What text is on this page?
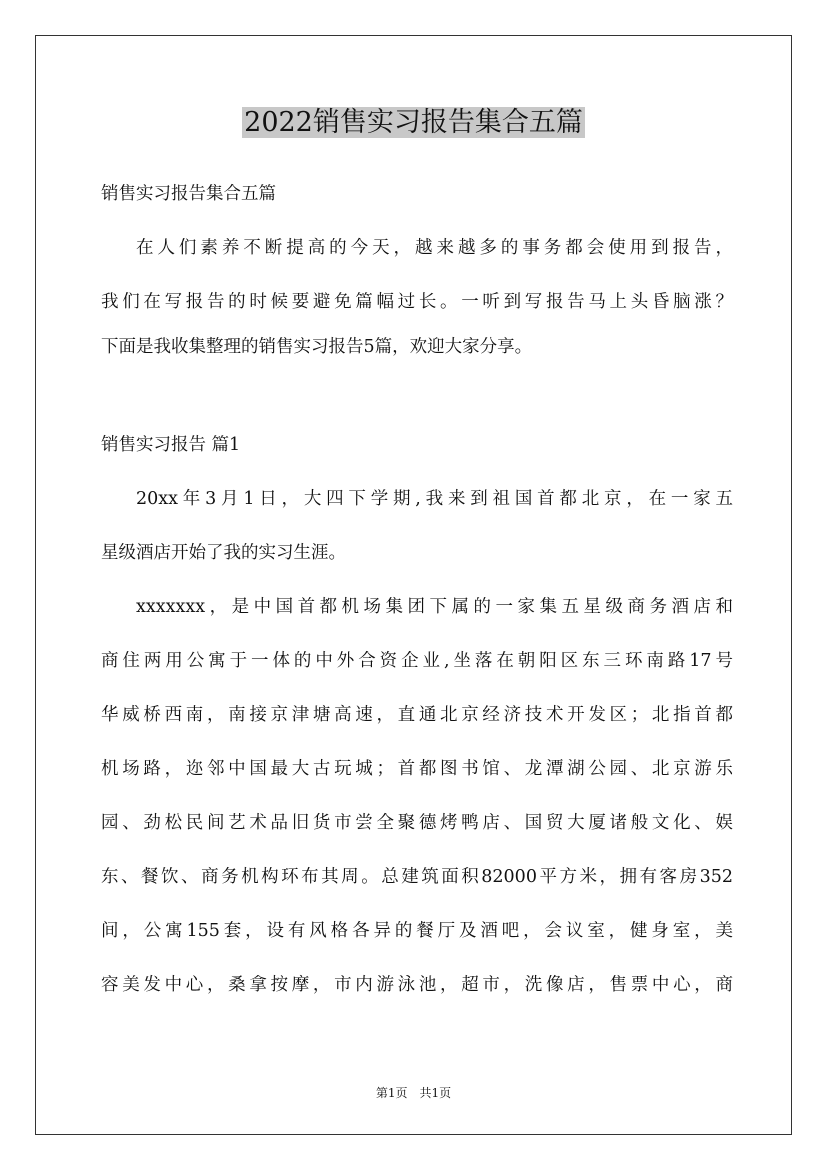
2022销售实习报告集合五篇

销售实习报告集合五篇

在人们素养不断提高的今天，越来越多的事务都会使用到报告，
我们在写报告的时候要避免篇幅过长。一听到写报告马上头昏脑涨？
下面是我收集整理的销售实习报告5篇，欢迎大家分享。

销售实习报告 篇1

20xx年3月1日，大四下学期,我来到祖国首都北京，在一家五
星级酒店开始了我的实习生涯。

xxxxxxx，是中国首都机场集团下属的一家集五星级商务酒店和
商住两用公寓于一体的中外合资企业,坐落在朝阳区东三环南路17号
华威桥西南，南接京津塘高速，直通北京经济技术开发区；北指首都
机场路，迩邻中国最大古玩城；首都图书馆、龙潭湖公园、北京游乐
园、劲松民间艺术品旧货市尝全聚德烤鸭店、国贸大厦诸般文化、娱
东、餐饮、商务机构环布其周。总建筑面积82000平方米，拥有客房352
间，公寓155套，设有风格各异的餐厅及酒吧，会议室，健身室，美
容美发中心，桑拿按摩，市内游泳池，超市，洗像店，售票中心，商

第1页　共1页
